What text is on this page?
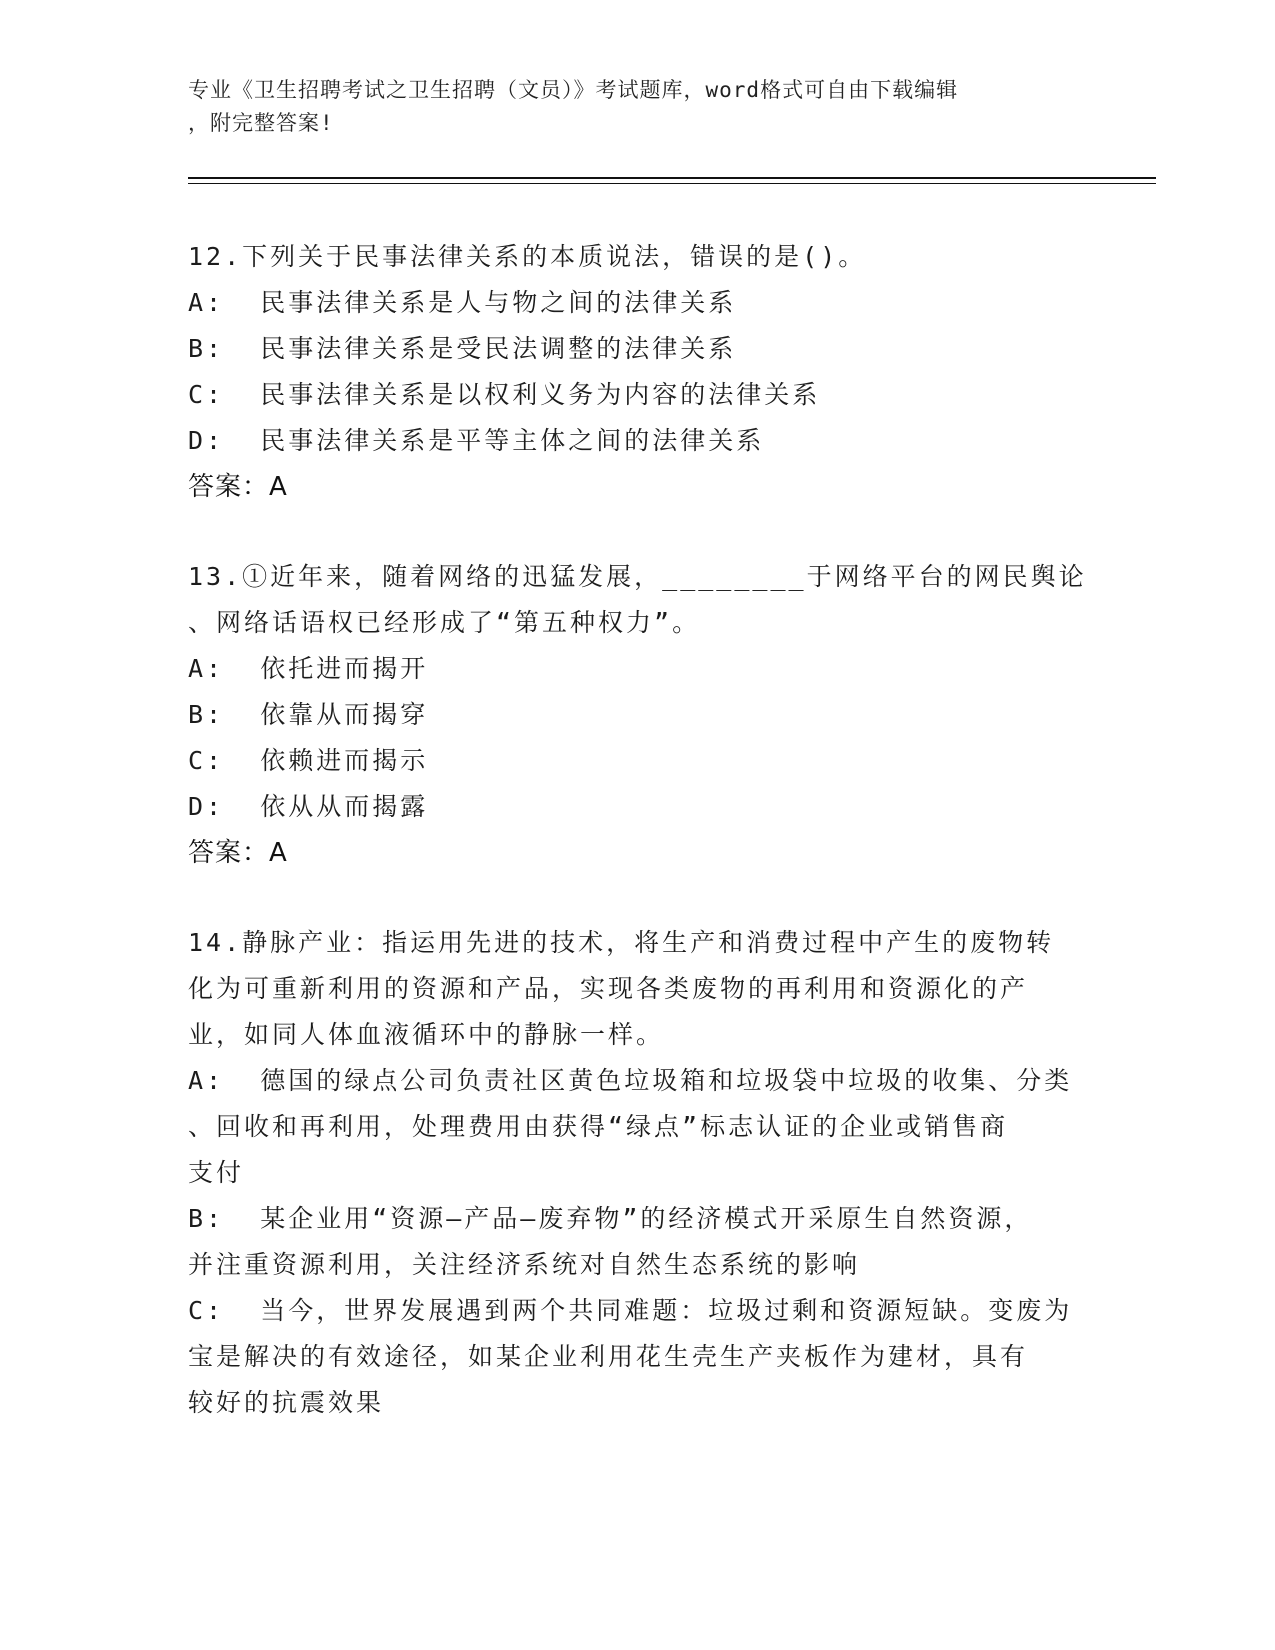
专业《卫生招聘考试之卫生招聘（文员）》考试题库，word格式可自由下载编辑
，附完整答案!

12.下列关于民事法律关系的本质说法，错误的是()。

A:  民事法律关系是人与物之间的法律关系

B:  民事法律关系是受民法调整的法律关系

C:  民事法律关系是以权利义务为内容的法律关系

D:  民事法律关系是平等主体之间的法律关系

答案：A

13.①近年来，随着网络的迅猛发展，________于网络平台的网民舆论

、网络话语权已经形成了“第五种权力”。

A:  依托进而揭开

B:  依靠从而揭穿

C:  依赖进而揭示

D:  依从从而揭露

答案：A

14.静脉产业：指运用先进的技术，将生产和消费过程中产生的废物转

化为可重新利用的资源和产品，实现各类废物的再利用和资源化的产

业，如同人体血液循环中的静脉一样。

A:  德国的绿点公司负责社区黄色垃圾箱和垃圾袋中垃圾的收集、分类

、回收和再利用，处理费用由获得“绿点”标志认证的企业或销售商

支付

B:  某企业用“资源—产品—废弃物”的经济模式开采原生自然资源，

并注重资源利用，关注经济系统对自然生态系统的影响

C:  当今，世界发展遇到两个共同难题：垃圾过剩和资源短缺。变废为

宝是解决的有效途径，如某企业利用花生壳生产夹板作为建材，具有

较好的抗震效果
